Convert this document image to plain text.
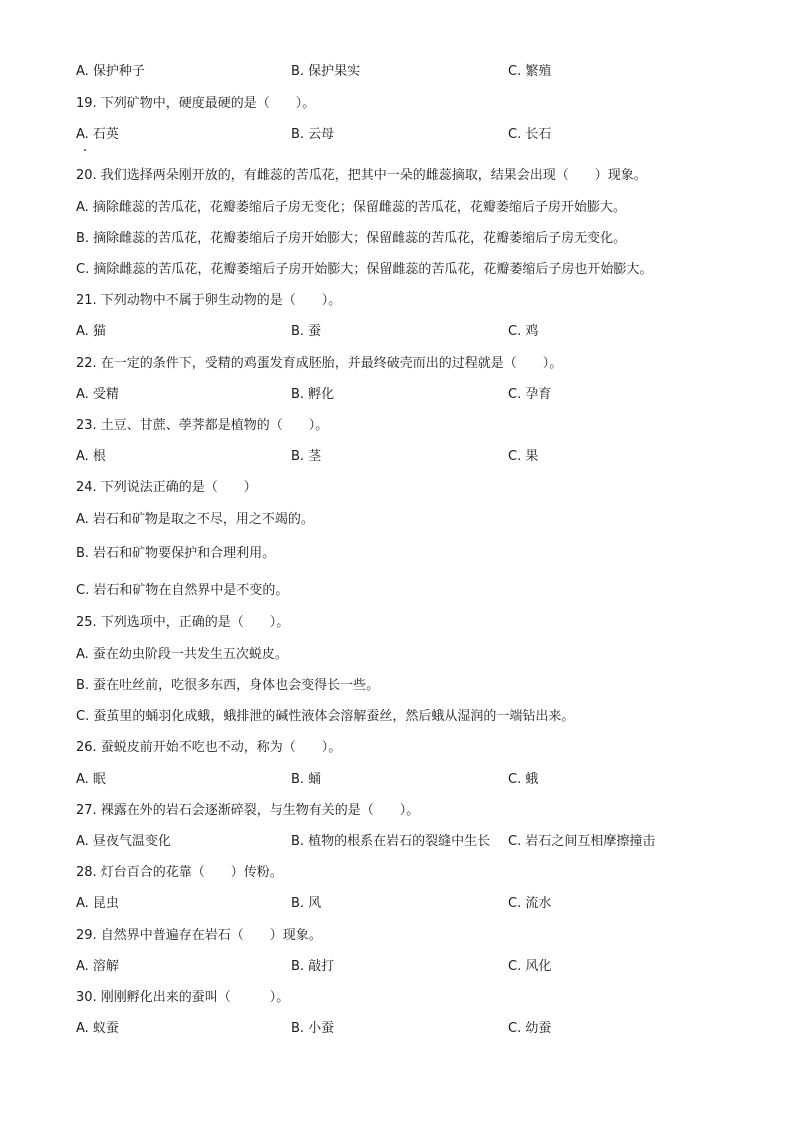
A. 保护种子	B. 保护果实	C. 繁殖
19. 下列矿物中，硬度最硬的是（　　）。
A. 石英	B. 云母	C. 长石
20. 我们选择两朵刚开放的，有雌蕊的苦瓜花，把其中一朵的雌蕊摘取，结果会出现（　　）现象。
A. 摘除雌蕊的苦瓜花，花瓣萎缩后子房无变化；保留雌蕊的苦瓜花，花瓣萎缩后子房开始膨大。
B. 摘除雌蕊的苦瓜花，花瓣萎缩后子房开始膨大；保留雌蕊的苦瓜花，花瓣萎缩后子房无变化。
C. 摘除雌蕊的苦瓜花，花瓣萎缩后子房开始膨大；保留雌蕊的苦瓜花，花瓣萎缩后子房也开始膨大。
21. 下列动物中不属于卵生动物的是（　　）。
A. 猫	B. 蚕	C. 鸡
22. 在一定的条件下，受精的鸡蛋发育成胚胎，并最终破壳而出的过程就是（　　）。
A. 受精	B. 孵化	C. 孕育
23. 土豆、甘蔗、荸荠都是植物的（　　）。
A. 根	B. 茎	C. 果
24. 下列说法正确的是（　　）
A. 岩石和矿物是取之不尽，用之不竭的。
B. 岩石和矿物要保护和合理利用。
C. 岩石和矿物在自然界中是不变的。
25. 下列选项中，正确的是（　　）。
A. 蚕在幼虫阶段一共发生五次蜕皮。
B. 蚕在吐丝前，吃很多东西，身体也会变得长一些。
C. 蚕茧里的蛹羽化成蛾，蛾排泄的碱性液体会溶解蚕丝，然后蛾从湿润的一端钻出来。
26. 蚕蜕皮前开始不吃也不动，称为（　　）。
A. 眠	B. 蛹	C. 蛾
27. 裸露在外的岩石会逐渐碎裂，与生物有关的是（　　）。
A. 昼夜气温变化	B. 植物的根系在岩石的裂缝中生长 C. 岩石之间互相摩擦撞击
28. 灯台百合的花靠（　　）传粉。
A. 昆虫	B. 风	C. 流水
29. 自然界中普遍存在岩石（　　）现象。
A. 溶解	B. 敲打	C. 风化
30. 刚刚孵化出来的蚕叫（　　　）。
A. 蚁蚕	B. 小蚕	C. 幼蚕
